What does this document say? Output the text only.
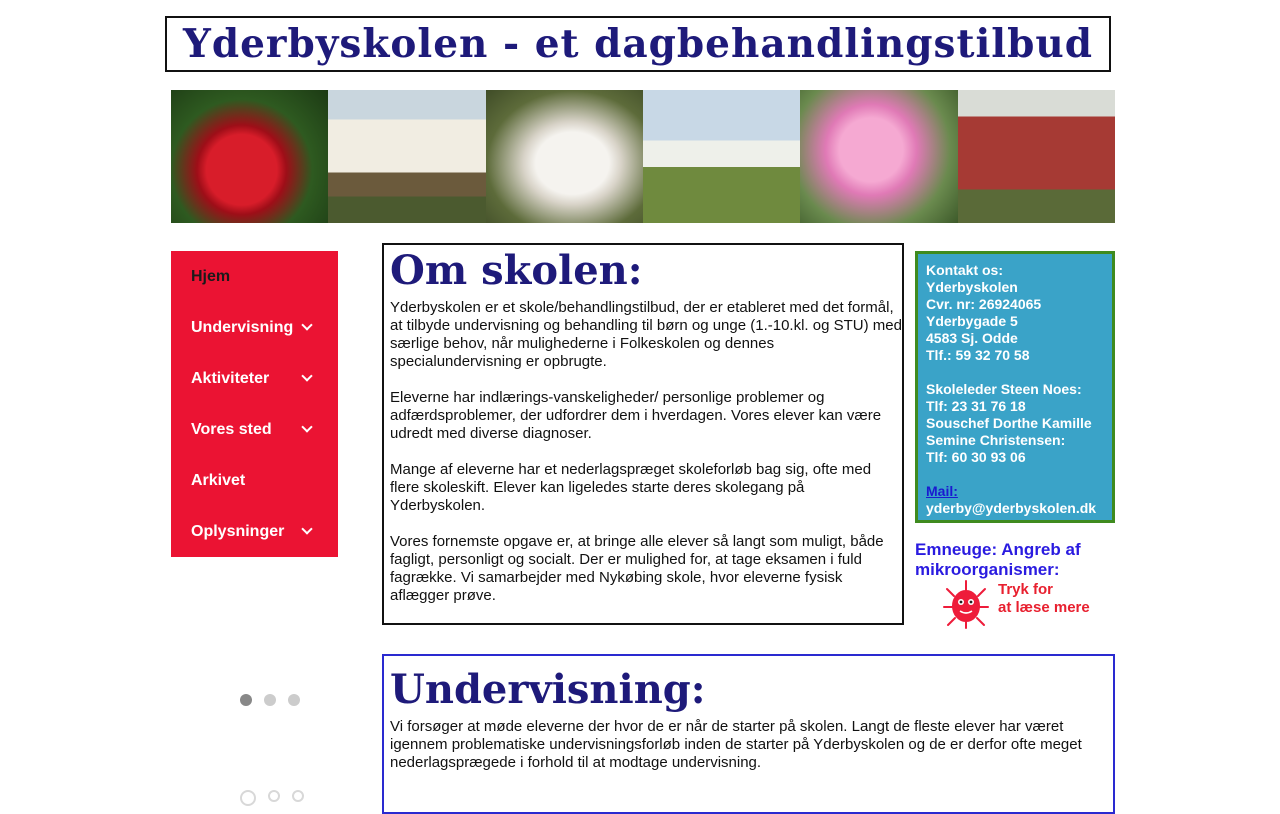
Yderbyskolen - et dagbehandlingstilbud
Hjem
Undervisning
Aktiviteter
Vores sted
Arkivet
Oplysninger
Om skolen:

Yderbyskolen er et skole/behandlingstilbud, der er etableret med det formål, at tilbyde undervisning og behandling til børn og unge (1.-10.kl. og STU) med særlige behov, når mulighederne i Folkeskolen og dennes specialundervisning er opbrugte.

Eleverne har indlærings-vanskeligheder/ personlige problemer og adfærdsproblemer, der udfordrer dem i hverdagen. Vores elever kan være udredt med diverse diagnoser.

Mange af eleverne har et nederlagspræget skoleforløb bag sig, ofte med flere skoleskift. Elever kan ligeledes starte deres skolegang på Yderbyskolen.

Vores fornemste opgave er, at bringe alle elever så langt som muligt, både fagligt, personligt og socialt. Der er mulighed for, at tage eksamen i fuld fagrække. Vi samarbejder med Nykøbing skole, hvor eleverne fysisk aflægger prøve.

Kontakt os:
Yderbyskolen
Cvr. nr: 26924065
Yderbygade 5
4583 Sj. Odde
Tlf.: 59 32 70 58
Skoleleder Steen Noes:
Tlf: 23 31 76 18
Souschef Dorthe Kamille
Semine Christensen:
Tlf: 60 30 93 06
Mail:
yderby@yderbyskolen.dk
Emneuge: Angreb af mikroorganismer:
Tryk for
at læse mere
Undervisning:

Vi forsøger at møde eleverne der hvor de er når de starter på skolen. Langt de fleste elever har været igennem problematiske undervisningsforløb inden de starter på Yderbyskolen og de er derfor ofte meget nederlagsprægede i forhold til at modtage undervisning.
